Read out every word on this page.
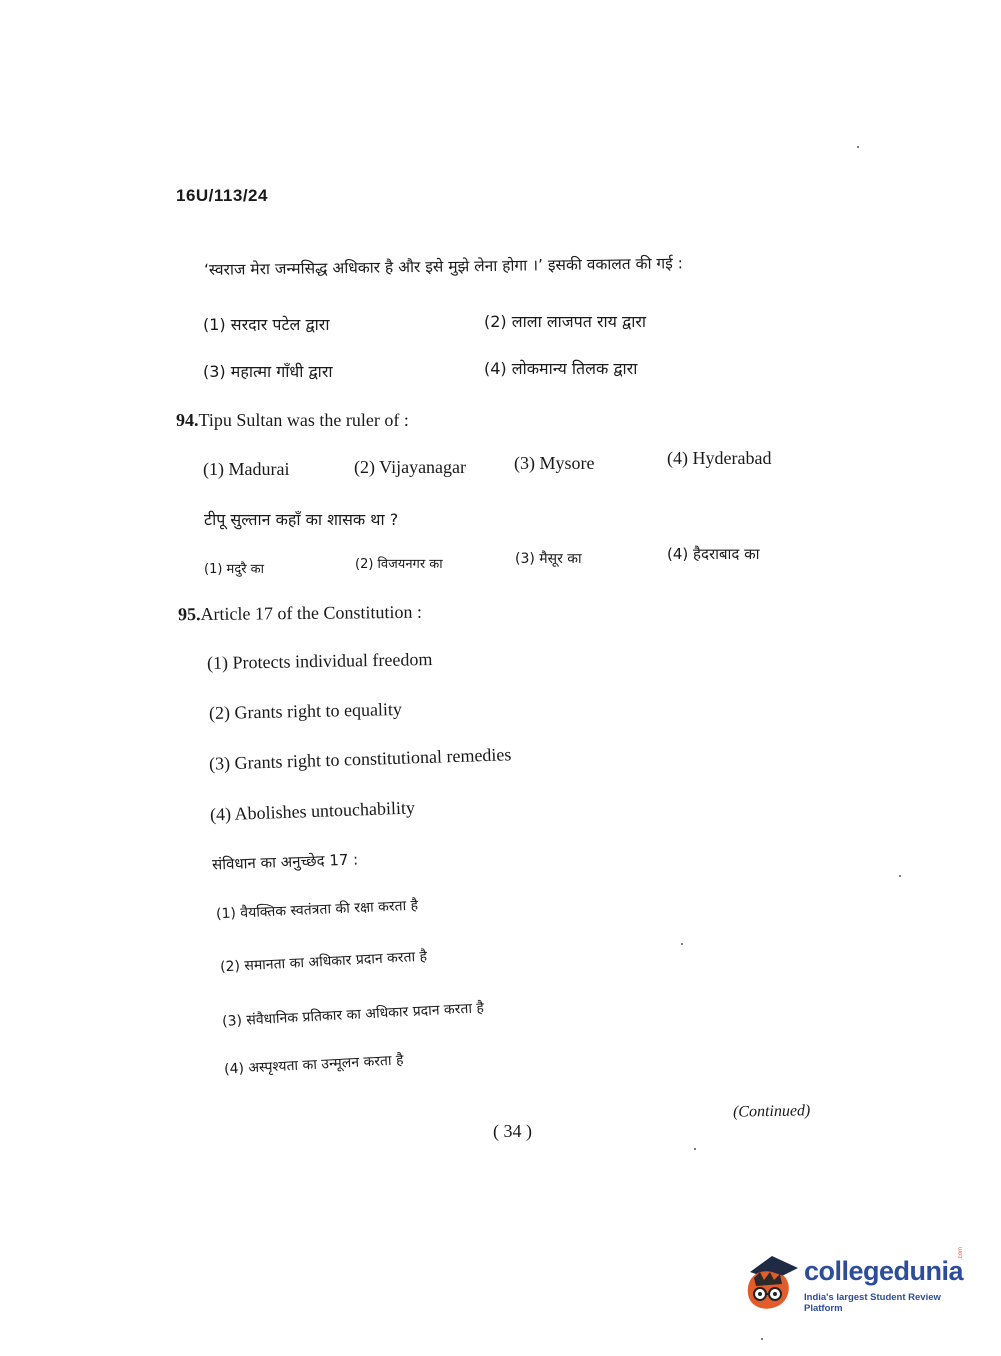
16U/113/24
‘स्वराज मेरा जन्मसिद्ध अधिकार है और इसे मुझे लेना होगा ।’ इसकी वकालत की गई :
(1) सरदार पटेल द्वारा	(2) लाला लाजपत राय द्वारा
(3) महात्मा गाँधी द्वारा	(4) लोकमान्य तिलक द्वारा
94.Tipu Sultan was the ruler of :
(1) Madurai	(2) Vijayanagar	(3) Mysore	(4) Hyderabad
टीपू सुल्तान कहाँ का शासक था ?
(1) मदुरै का	(2) विजयनगर का	(3) मैसूर का	(4) हैदराबाद का
95.Article 17 of the Constitution :
(1) Protects individual freedom
(2) Grants right to equality
(3) Grants right to constitutional remedies
(4) Abolishes untouchability
संविधान का अनुच्छेद 17 :
(1) वैयक्तिक स्वतंत्रता की रक्षा करता है
(2) समानता का अधिकार प्रदान करता है
(3) संवैधानिक प्रतिकार का अधिकार प्रदान करता है
(4) अस्पृश्यता का उन्मूलन करता है
( 34 )
(Continued)
collegedunia
.com
India's largest Student Review Platform
